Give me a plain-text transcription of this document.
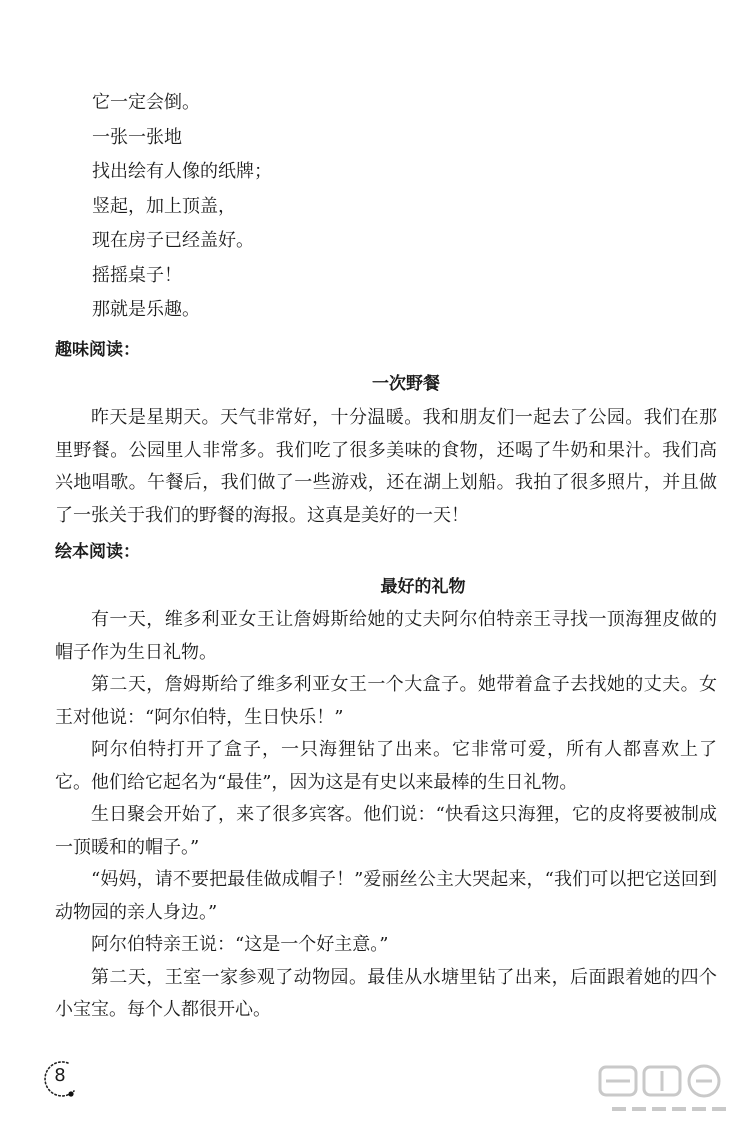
它一定会倒。
一张一张地
找出绘有人像的纸牌；
竖起，加上顶盖，
现在房子已经盖好。
摇摇桌子！
那就是乐趣。
趣味阅读：
一次野餐

昨天是星期天。天气非常好，十分温暖。我和朋友们一起去了公园。我们在那里野餐。公园里人非常多。我们吃了很多美味的食物，还喝了牛奶和果汁。我们高兴地唱歌。午餐后，我们做了一些游戏，还在湖上划船。我拍了很多照片，并且做了一张关于我们的野餐的海报。这真是美好的一天！

绘本阅读：
最好的礼物

有一天，维多利亚女王让詹姆斯给她的丈夫阿尔伯特亲王寻找一顶海狸皮做的帽子作为生日礼物。

第二天，詹姆斯给了维多利亚女王一个大盒子。她带着盒子去找她的丈夫。女王对他说：“阿尔伯特，生日快乐！”

阿尔伯特打开了盒子，一只海狸钻了出来。它非常可爱，所有人都喜欢上了它。他们给它起名为“最佳”，因为这是有史以来最棒的生日礼物。

生日聚会开始了，来了很多宾客。他们说：“快看这只海狸，它的皮将要被制成一顶暖和的帽子。”

“妈妈，请不要把最佳做成帽子！”爱丽丝公主大哭起来，“我们可以把它送回到动物园的亲人身边。”

阿尔伯特亲王说：“这是一个好主意。”

第二天，王室一家参观了动物园。最佳从水塘里钻了出来，后面跟着她的四个小宝宝。每个人都很开心。

8
